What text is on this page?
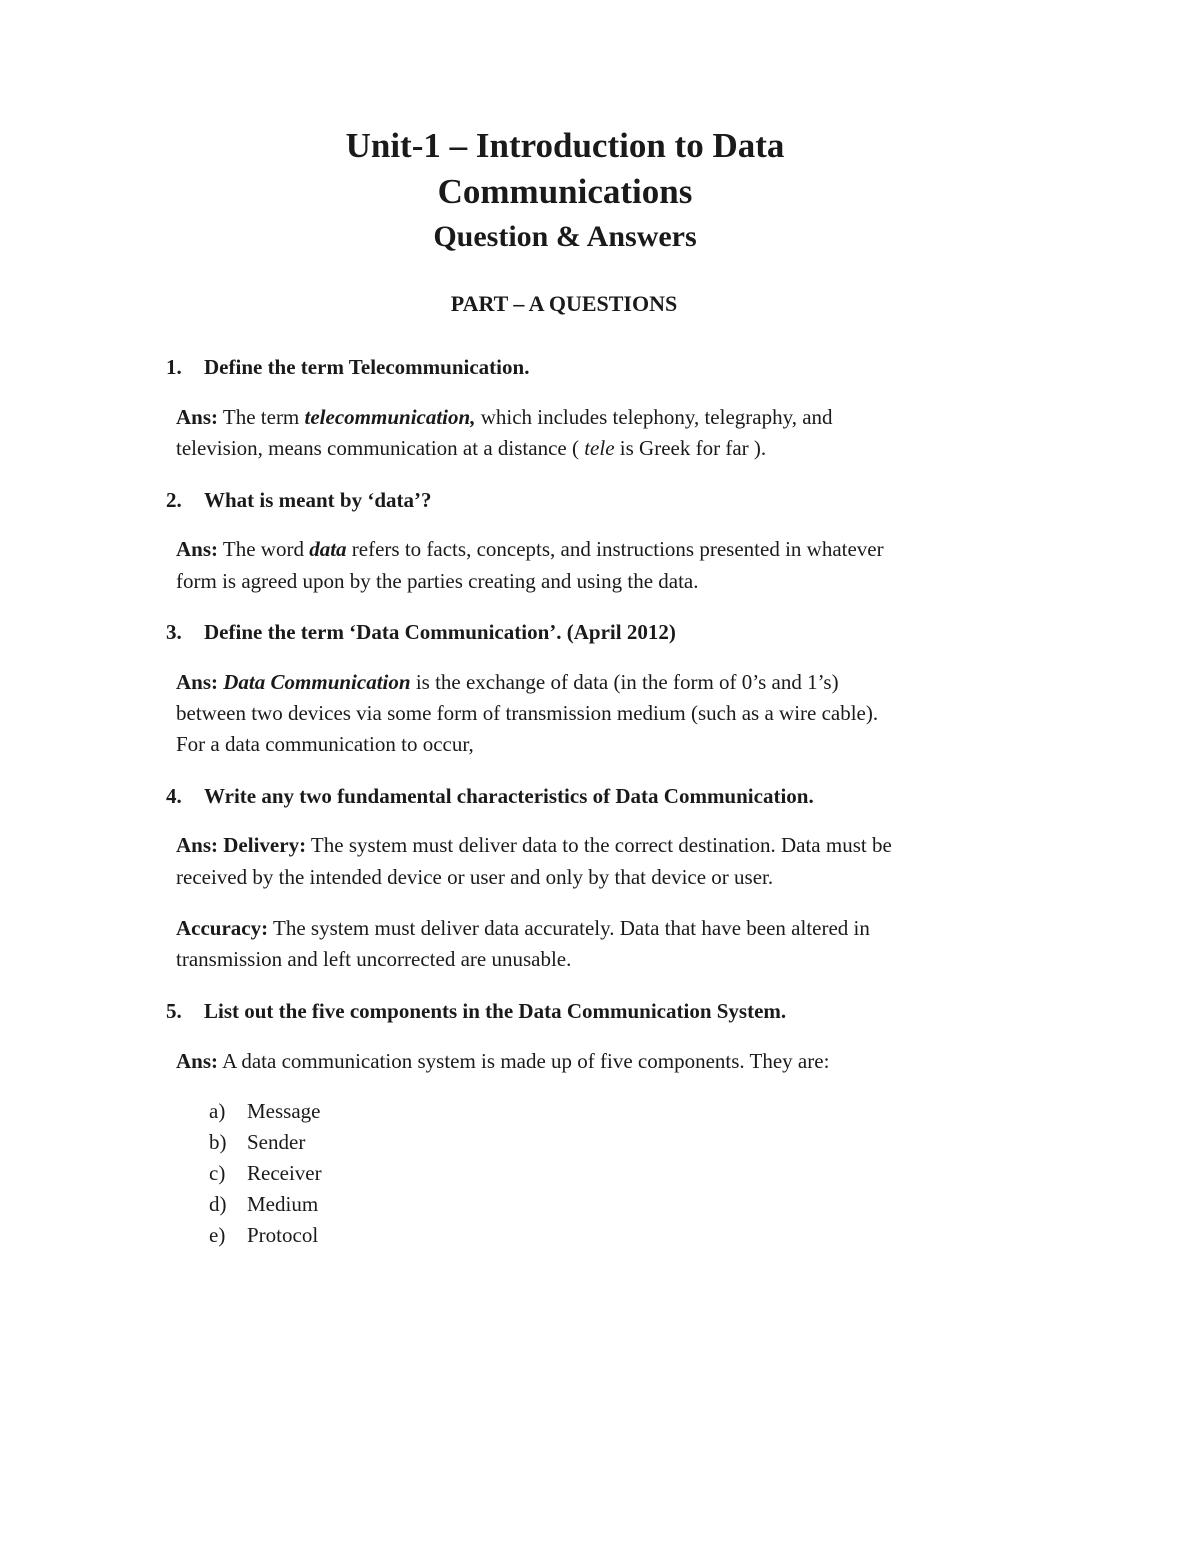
Unit-1 – Introduction to Data
Communications
Question & Answers
PART – A QUESTIONS
1. Define the term Telecommunication.
Ans: The term telecommunication, which includes telephony, telegraphy, and
television, means communication at a distance ( tele is Greek for far ).
2. What is meant by ‘data’?
Ans: The word data refers to facts, concepts, and instructions presented in whatever
form is agreed upon by the parties creating and using the data.
3. Define the term ‘Data Communication’. (April 2012)
Ans: Data Communication is the exchange of data (in the form of 0’s and 1’s)
between two devices via some form of transmission medium (such as a wire cable).
For a data communication to occur,
4. Write any two fundamental characteristics of Data Communication.
Ans: Delivery: The system must deliver data to the correct destination. Data must be
received by the intended device or user and only by that device or user.
Accuracy: The system must deliver data accurately. Data that have been altered in
transmission and left uncorrected are unusable.
5. List out the five components in the Data Communication System.
Ans: A data communication system is made up of five components. They are:
a) Message
b) Sender
c) Receiver
d) Medium
e) Protocol
